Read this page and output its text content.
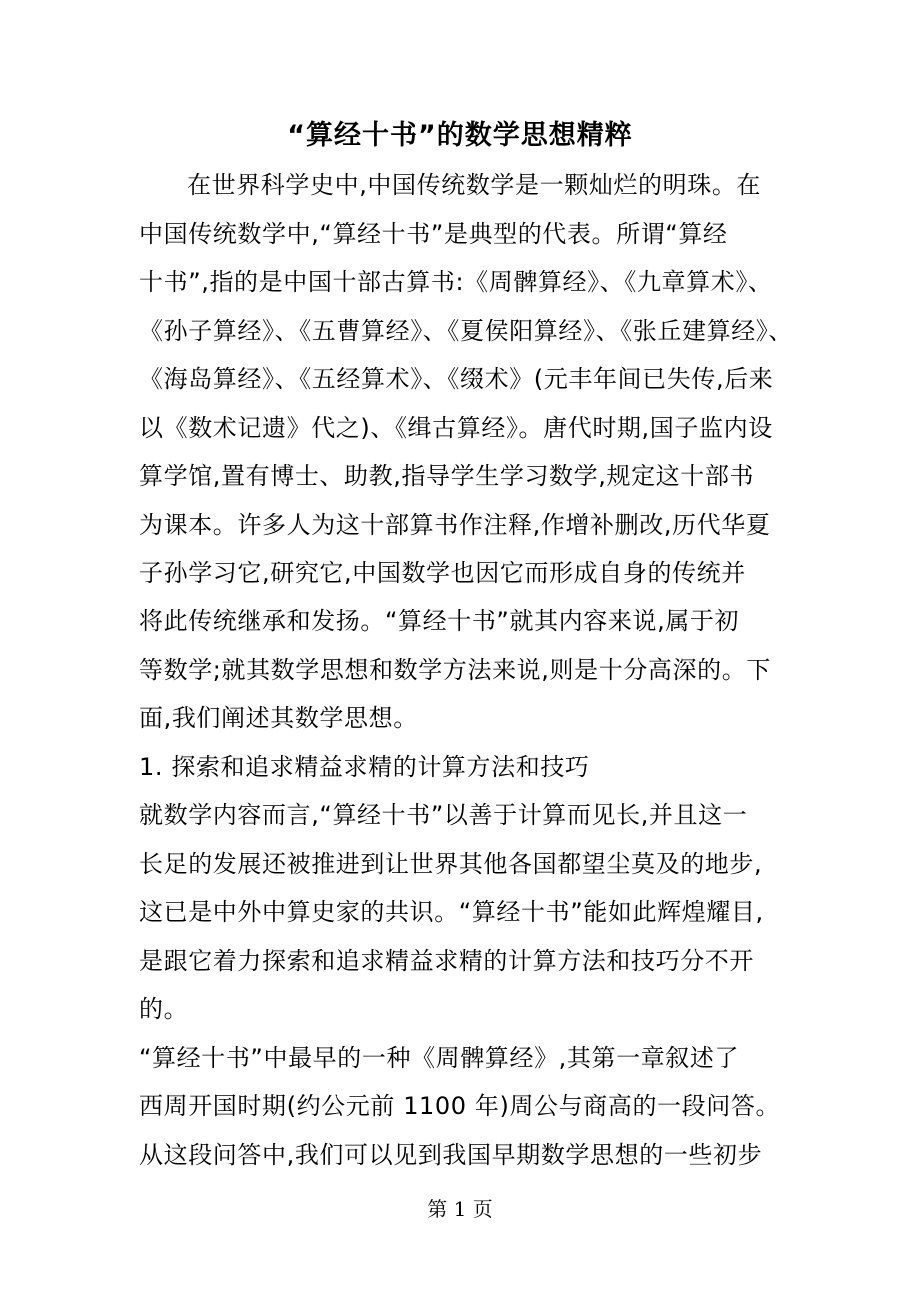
“算经十书”的数学思想精粹
在世界科学史中,中国传统数学是一颗灿烂的明珠。在
中国传统数学中,“算经十书”是典型的代表。所谓“算经
十书”,指的是中国十部古算书:《周髀算经》、《九章算术》、
《孙子算经》、《五曹算经》、《夏侯阳算经》、《张丘建算经》、
《海岛算经》、《五经算术》、《缀术》(元丰年间已失传,后来
以《数术记遗》代之)、《缉古算经》。唐代时期,国子监内设
算学馆,置有博士、助教,指导学生学习数学,规定这十部书
为课本。许多人为这十部算书作注释,作增补删改,历代华夏
子孙学习它,研究它,中国数学也因它而形成自身的传统并
将此传统继承和发扬。“算经十书”就其内容来说,属于初
等数学;就其数学思想和数学方法来说,则是十分高深的。下
面,我们阐述其数学思想。
1. 探索和追求精益求精的计算方法和技巧
就数学内容而言,“算经十书”以善于计算而见长,并且这一
长足的发展还被推进到让世界其他各国都望尘莫及的地步,
这已是中外中算史家的共识。“算经十书”能如此辉煌耀目,
是跟它着力探索和追求精益求精的计算方法和技巧分不开
的。
“算经十书”中最早的一种《周髀算经》,其第一章叙述了
西周开国时期(约公元前 1100 年)周公与商高的一段问答。
从这段问答中,我们可以见到我国早期数学思想的一些初步
第 1 页
